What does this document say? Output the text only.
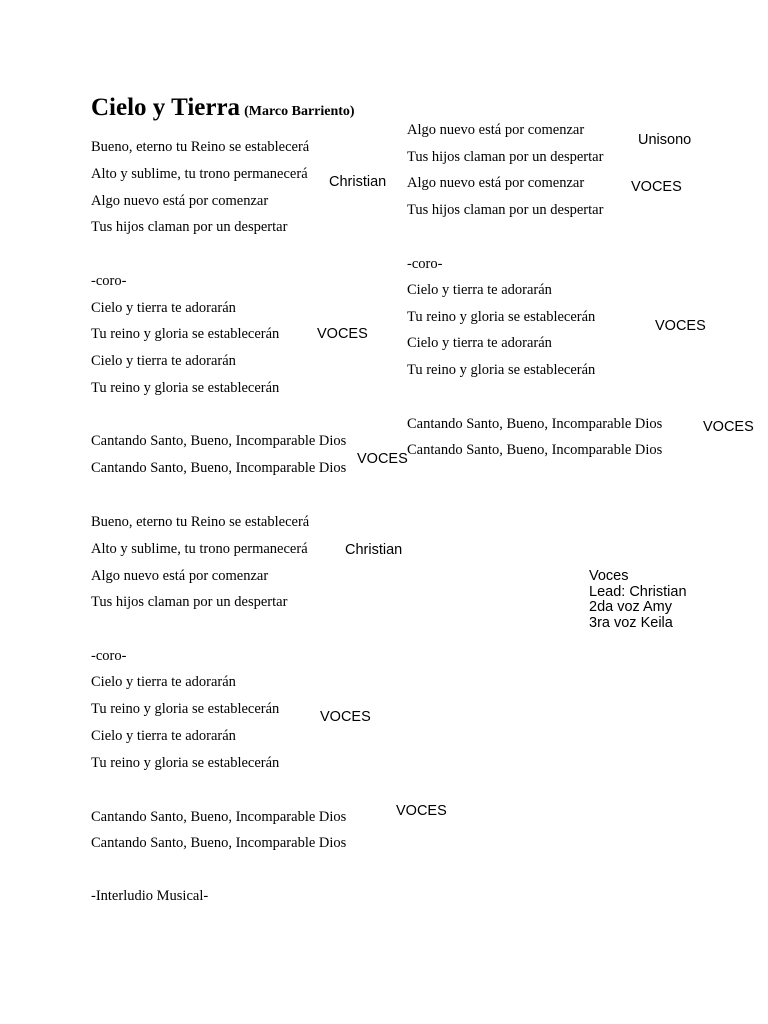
Cielo y Tierra (Marco Barriento)
Bueno, eterno tu Reino se establecerá
Alto y sublime, tu trono permanecerá
Algo nuevo está por comenzar
Tus hijos claman por un despertar
-coro-
Cielo y tierra te adorarán
Tu reino y gloria se establecerán
Cielo y tierra te adorarán
Tu reino y gloria se establecerán
Cantando Santo, Bueno, Incomparable Dios
Cantando Santo, Bueno, Incomparable Dios
Bueno, eterno tu Reino se establecerá
Alto y sublime, tu trono permanecerá
Algo nuevo está por comenzar
Tus hijos claman por un despertar
-coro-
Cielo y tierra te adorarán
Tu reino y gloria se establecerán
Cielo y tierra te adorarán
Tu reino y gloria se establecerán
Cantando Santo, Bueno, Incomparable Dios
Cantando Santo, Bueno, Incomparable Dios
-Interludio Musical-
Algo nuevo está por comenzar
Tus hijos claman por un despertar
Algo nuevo está por comenzar
Tus hijos claman por un despertar
-coro-
Cielo y tierra te adorarán
Tu reino y gloria se establecerán
Cielo y tierra te adorarán
Tu reino y gloria se establecerán
Cantando Santo, Bueno, Incomparable Dios
Cantando Santo, Bueno, Incomparable Dios
Christian
VOCES
VOCES
Christian
VOCES
VOCES
Unisono
VOCES
VOCES
VOCES
Voces
Lead: Christian
2da voz Amy
3ra voz Keila
